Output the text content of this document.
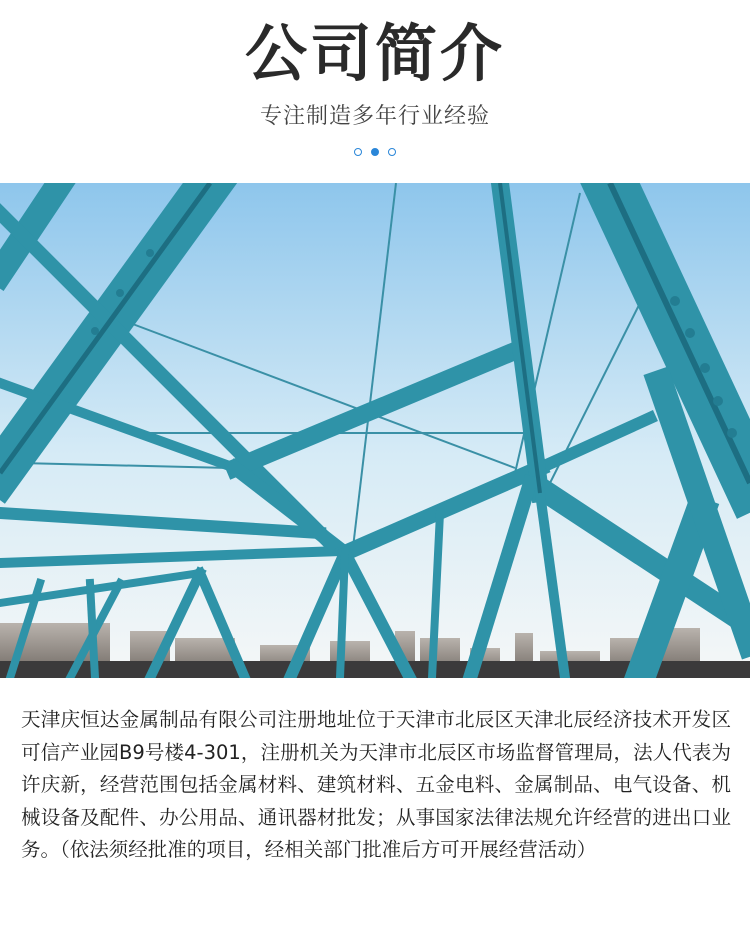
公司简介
专注制造多年行业经验
天津庆恒达金属制品有限公司注册地址位于天津市北辰区天津北辰经济技术开发区可信产业园B9号楼4-301，注册机关为天津市北辰区市场监督管理局，法人代表为许庆新，经营范围包括金属材料、建筑材料、五金电料、金属制品、电气设备、机械设备及配件、办公用品、通讯器材批发；从事国家法律法规允许经营的进出口业务。（依法须经批准的项目，经相关部门批准后方可开展经营活动）
